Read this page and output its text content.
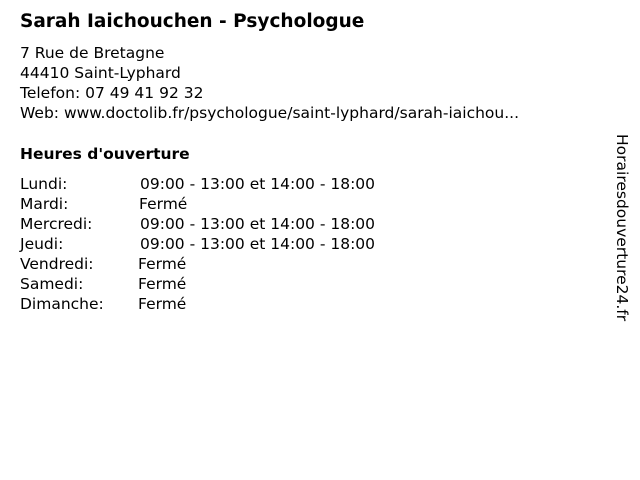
Sarah Iaichouchen - Psychologue
7 Rue de Bretagne
44410 Saint-Lyphard
Telefon: 07 49 41 92 32
Web: www.doctolib.fr/psychologue/saint-lyphard/sarah-iaichou...
Heures d'ouverture
Lundi:	09:00 - 13:00 et 14:00 - 18:00
Mardi:	Fermé
Mercredi:	09:00 - 13:00 et 14:00 - 18:00
Jeudi:	09:00 - 13:00 et 14:00 - 18:00
Vendredi:	Fermé
Samedi:	Fermé
Dimanche: Fermé	Horairesdouverture24.fr
